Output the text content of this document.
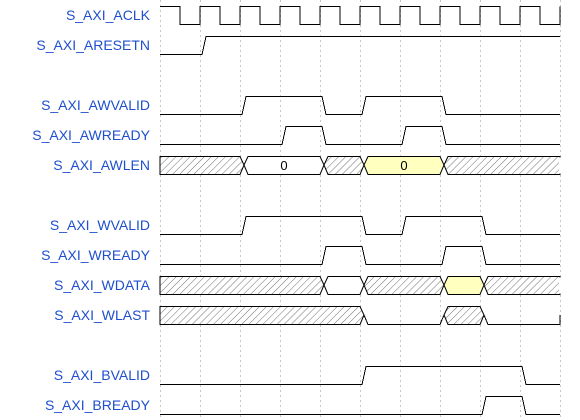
S_AXI_ACLK
S_AXI_ARESETN
S_AXI_AWVALID
S_AXI_AWREADY
S_AXI_AWLEN	0	0
S_AXI_WVALID
S_AXI_WREADY
S_AXI_WDATA
S_AXI_WLAST
S_AXI_BVALID
S_AXI_BREADY
